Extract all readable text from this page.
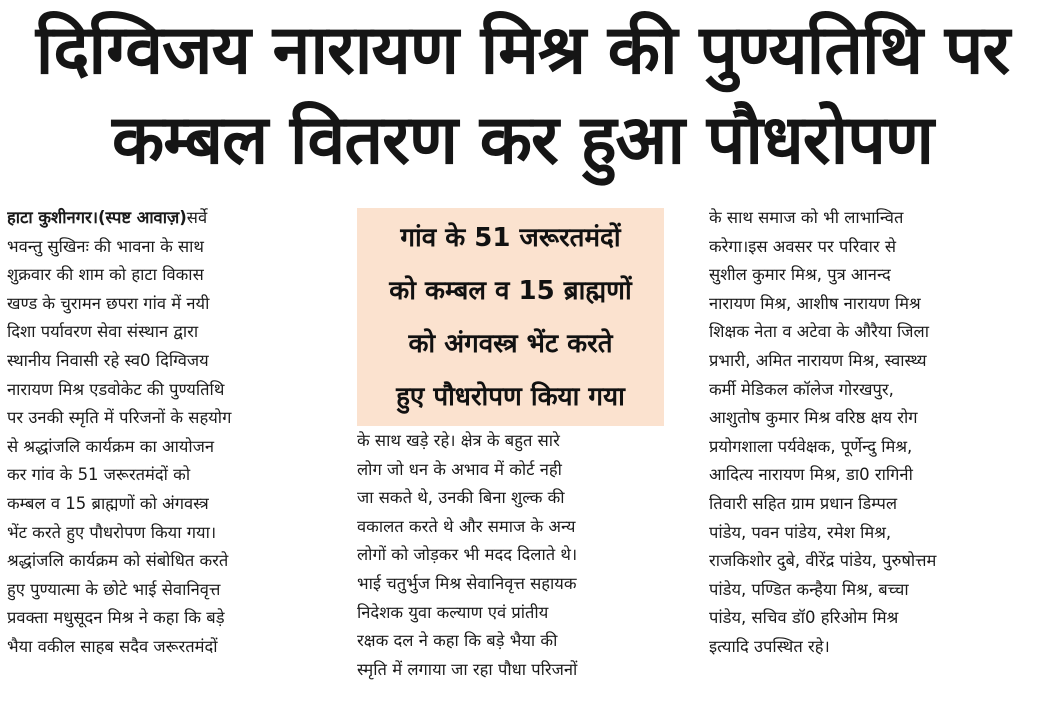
दिग्विजय नारायण मिश्र की पुण्यतिथि पर
कम्बल वितरण कर हुआ पौधरोपण
हाटा कुशीनगर।(स्पष्ट आवाज़)सर्वे
भवन्तु सुखिनः की भावना के साथ
शुक्रवार की शाम को हाटा विकास
खण्ड के चुरामन छपरा गांव में नयी
दिशा पर्यावरण सेवा संस्थान द्वारा
स्थानीय निवासी रहे स्व0 दिग्विजय
नारायण मिश्र एडवोकेट की पुण्यतिथि
पर उनकी स्मृति में परिजनों के सहयोग
से श्रद्धांजलि कार्यक्रम का आयोजन
कर गांव के 51 जरूरतमंदों को
कम्बल व 15 ब्राह्मणों को अंगवस्त्र
भेंट करते हुए पौधरोपण किया गया।
श्रद्धांजलि कार्यक्रम को संबोधित करते
हुए पुण्यात्मा के छोटे भाई सेवानिवृत्त
प्रवक्ता मधुसूदन मिश्र ने कहा कि बड़े
भैया वकील साहब सदैव जरूरतमंदों
गांव के 51 जरूरतमंदों
को कम्बल व 15 ब्राह्मणों
को अंगवस्त्र भेंट करते
हुए पौधरोपण किया गया
के साथ खड़े रहे। क्षेत्र के बहुत सारे
लोग जो धन के अभाव में कोर्ट नही
जा सकते थे, उनकी बिना शुल्क की
वकालत करते थे और समाज के अन्य
लोगों को जोड़कर भी मदद दिलाते थे।
भाई चतुर्भुज मिश्र सेवानिवृत्त सहायक
निदेशक युवा कल्याण एवं प्रांतीय
रक्षक दल ने कहा कि बड़े भैया की
स्मृति में लगाया जा रहा पौधा परिजनों
के साथ समाज को भी लाभान्वित
करेगा।इस अवसर पर परिवार से
सुशील कुमार मिश्र, पुत्र आनन्द
नारायण मिश्र, आशीष नारायण मिश्र
शिक्षक नेता व अटेवा के औरैया जिला
प्रभारी, अमित नारायण मिश्र, स्वास्थ्य
कर्मी मेडिकल कॉलेज गोरखपुर,
आशुतोष कुमार मिश्र वरिष्ठ क्षय रोग
प्रयोगशाला पर्यवेक्षक, पूर्णेन्दु मिश्र,
आदित्य नारायण मिश्र, डा0 रागिनी
तिवारी सहित ग्राम प्रधान डिम्पल
पांडेय, पवन पांडेय, रमेश मिश्र,
राजकिशोर दुबे, वीरेंद्र पांडेय, पुरुषोत्तम
पांडेय, पण्डित कन्हैया मिश्र, बच्चा
पांडेय, सचिव डॉ0 हरिओम मिश्र
इत्यादि उपस्थित रहे।
